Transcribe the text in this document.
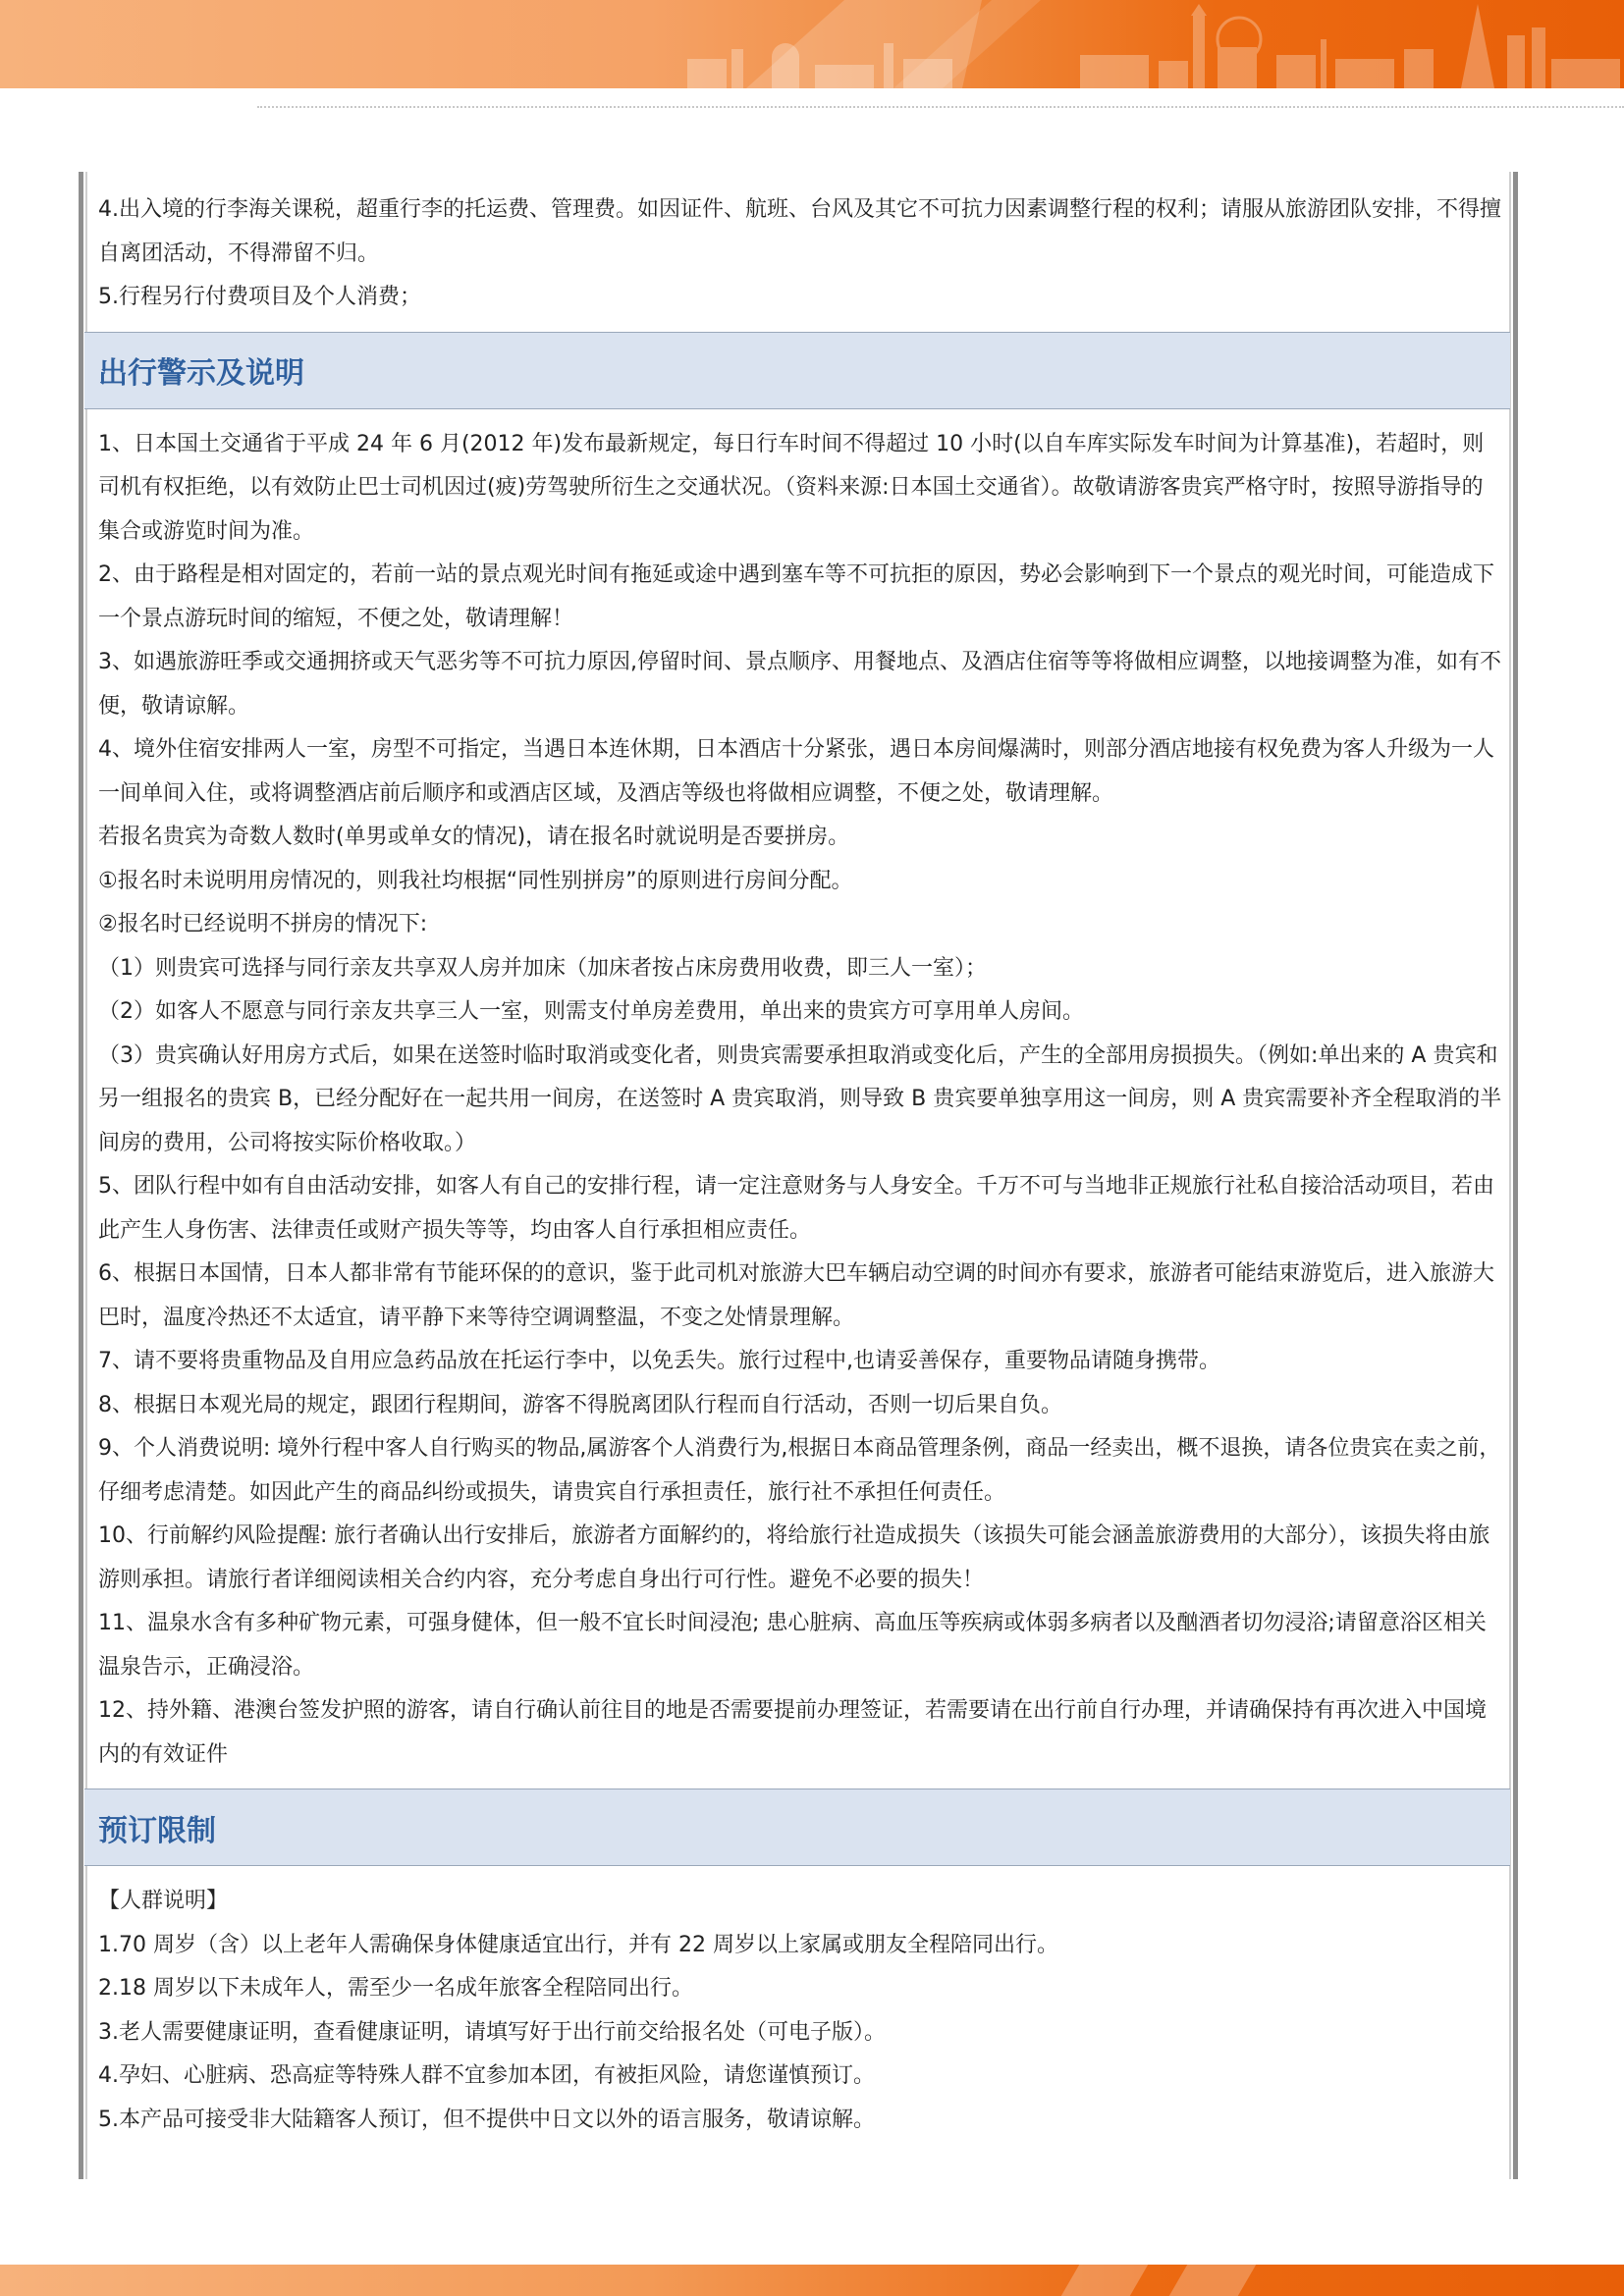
4.出入境的行李海关课税，超重行李的托运费、管理费。如因证件、航班、台风及其它不可抗力因素调整行程的权利；请服从旅游团队安排，不得擅自离团活动，不得滞留不归。

5.行程另行付费项目及个人消费；

出行警示及说明

1、日本国土交通省于平成 24 年 6 月(2012 年)发布最新规定，每日行车时间不得超过 10 小时(以自车库实际发车时间为计算基准)，若超时，则司机有权拒绝，以有效防止巴士司机因过(疲)劳驾驶所衍生之交通状况。（资料来源:日本国土交通省）。故敬请游客贵宾严格守时，按照导游指导的集合或游览时间为准。

2、由于路程是相对固定的，若前一站的景点观光时间有拖延或途中遇到塞车等不可抗拒的原因，势必会影响到下一个景点的观光时间，可能造成下一个景点游玩时间的缩短，不便之处，敬请理解！

3、如遇旅游旺季或交通拥挤或天气恶劣等不可抗力原因,停留时间、景点顺序、用餐地点、及酒店住宿等等将做相应调整，以地接调整为准，如有不便，敬请谅解。

4、境外住宿安排两人一室，房型不可指定，当遇日本连休期，日本酒店十分紧张，遇日本房间爆满时，则部分酒店地接有权免费为客人升级为一人一间单间入住，或将调整酒店前后顺序和或酒店区域，及酒店等级也将做相应调整，不便之处，敬请理解。

若报名贵宾为奇数人数时(单男或单女的情况)，请在报名时就说明是否要拼房。

①报名时未说明用房情况的，则我社均根据“同性别拼房”的原则进行房间分配。

②报名时已经说明不拼房的情况下:

（1）则贵宾可选择与同行亲友共享双人房并加床（加床者按占床房费用收费，即三人一室）；

（2）如客人不愿意与同行亲友共享三人一室，则需支付单房差费用，单出来的贵宾方可享用单人房间。

（3）贵宾确认好用房方式后，如果在送签时临时取消或变化者，则贵宾需要承担取消或变化后，产生的全部用房损损失。（例如:单出来的 A 贵宾和另一组报名的贵宾 B，已经分配好在一起共用一间房，在送签时 A 贵宾取消，则导致 B 贵宾要单独享用这一间房，则 A 贵宾需要补齐全程取消的半间房的费用，公司将按实际价格收取。）

5、团队行程中如有自由活动安排，如客人有自己的安排行程，请一定注意财务与人身安全。千万不可与当地非正规旅行社私自接洽活动项目，若由此产生人身伤害、法律责任或财产损失等等，均由客人自行承担相应责任。

6、根据日本国情，日本人都非常有节能环保的的意识，鉴于此司机对旅游大巴车辆启动空调的时间亦有要求，旅游者可能结束游览后，进入旅游大巴时，温度冷热还不太适宜，请平静下来等待空调调整温，不变之处情景理解。

7、请不要将贵重物品及自用应急药品放在托运行李中，以免丢失。旅行过程中,也请妥善保存，重要物品请随身携带。

8、根据日本观光局的规定，跟团行程期间，游客不得脱离团队行程而自行活动，否则一切后果自负。

9、个人消费说明: 境外行程中客人自行购买的物品,属游客个人消费行为,根据日本商品管理条例，商品一经卖出，概不退换，请各位贵宾在卖之前，仔细考虑清楚。如因此产生的商品纠纷或损失，请贵宾自行承担责任，旅行社不承担任何责任。

10、行前解约风险提醒: 旅行者确认出行安排后，旅游者方面解约的，将给旅行社造成损失（该损失可能会涵盖旅游费用的大部分），该损失将由旅游则承担。请旅行者详细阅读相关合约内容，充分考虑自身出行可行性。避免不必要的损失！

11、温泉水含有多种矿物元素，可强身健体，但一般不宜长时间浸泡; 患心脏病、高血压等疾病或体弱多病者以及酗酒者切勿浸浴;请留意浴区相关温泉告示，正确浸浴。

12、持外籍、港澳台签发护照的游客，请自行确认前往目的地是否需要提前办理签证，若需要请在出行前自行办理，并请确保持有再次进入中国境内的有效证件

预订限制

【人群说明】

1.70 周岁（含）以上老年人需确保身体健康适宜出行，并有 22 周岁以上家属或朋友全程陪同出行。

2.18 周岁以下未成年人，需至少一名成年旅客全程陪同出行。

3.老人需要健康证明，查看健康证明，请填写好于出行前交给报名处（可电子版）。

4.孕妇、心脏病、恐高症等特殊人群不宜参加本团，有被拒风险，请您谨慎预订。

5.本产品可接受非大陆籍客人预订，但不提供中日文以外的语言服务，敬请谅解。
